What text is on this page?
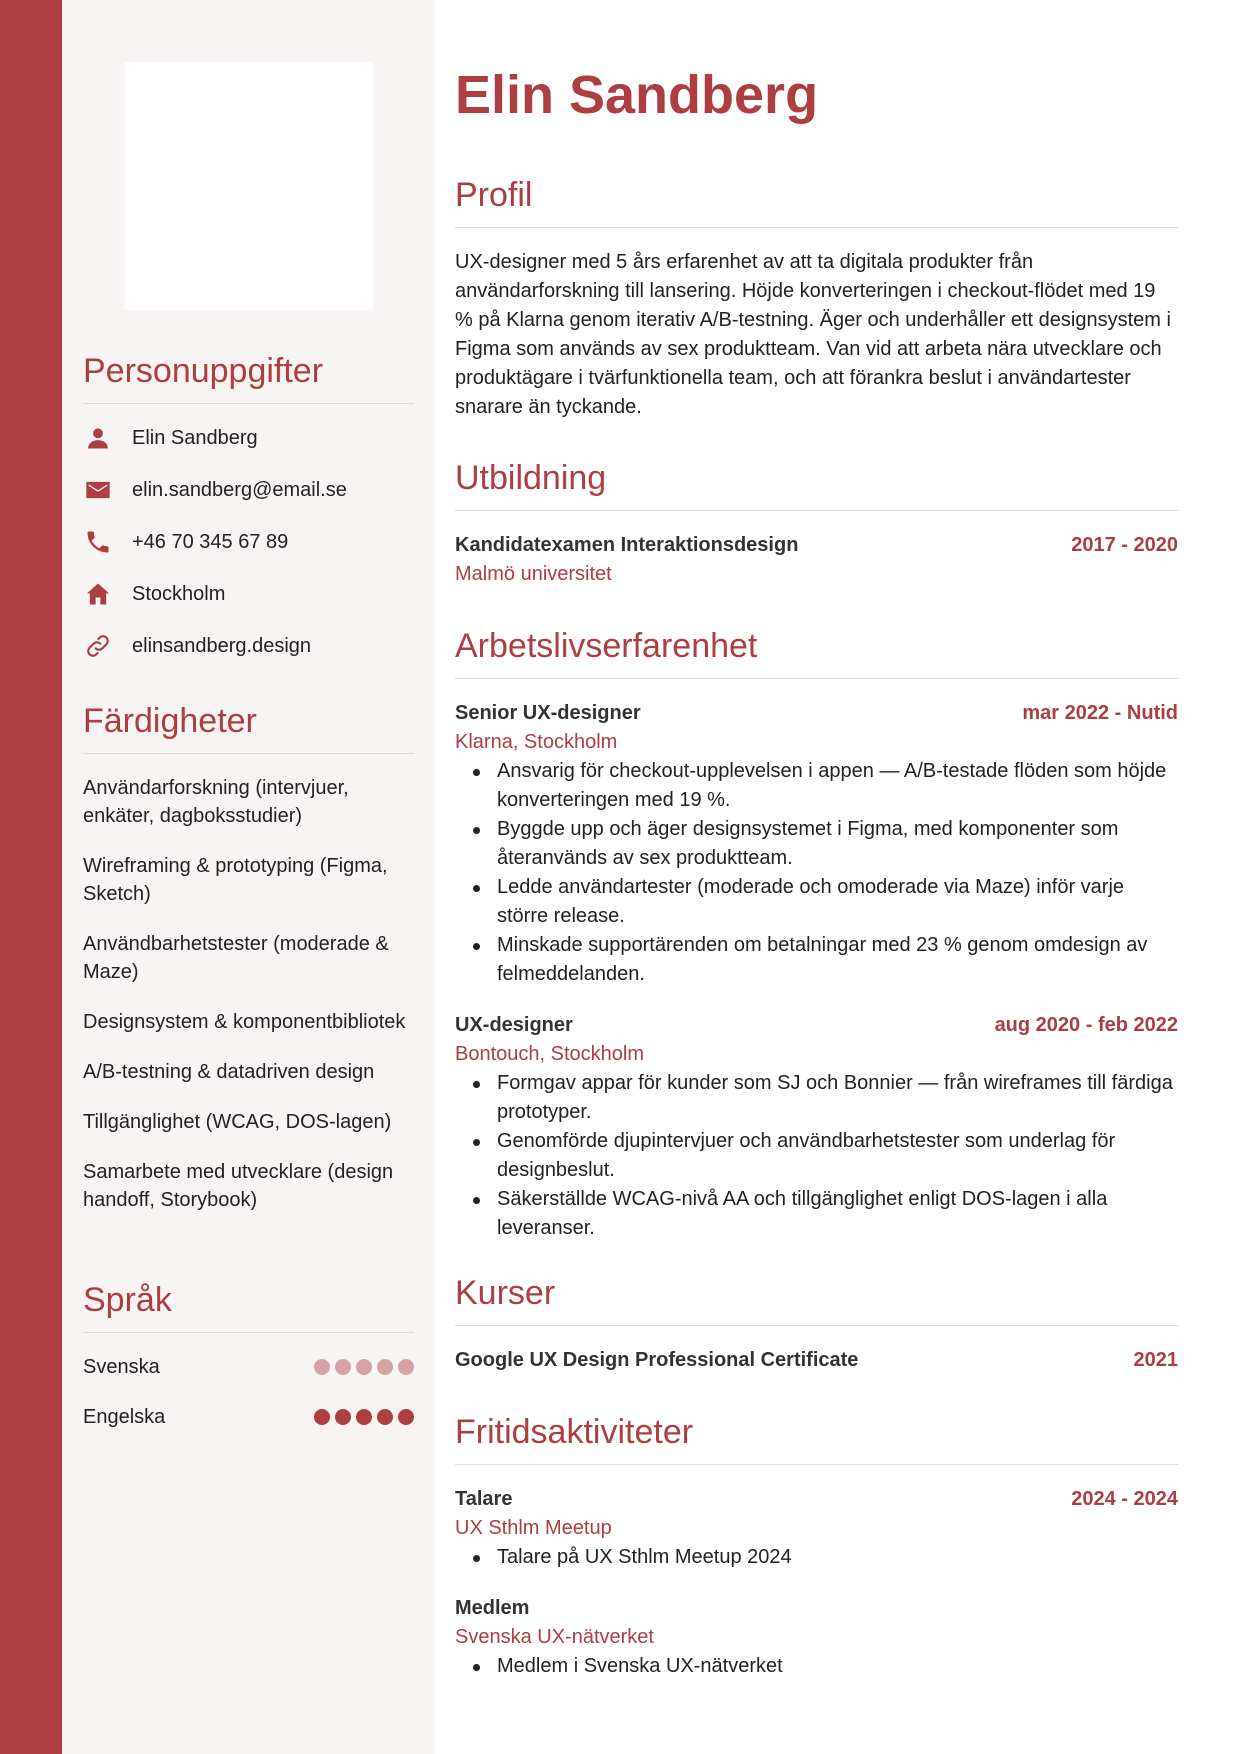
Personuppgifter
Elin Sandberg
elin.sandberg@email.se
+46 70 345 67 89
Stockholm
elinsandberg.design
Färdigheter
Användarforskning (intervjuer, enkäter, dagboksstudier)
Wireframing & prototyping (Figma, Sketch)
Användbarhetstester (moderade & Maze)
Designsystem & komponentbibliotek
A/B-testning & datadriven design
Tillgänglighet (WCAG, DOS-lagen)
Samarbete med utvecklare (design handoff, Storybook)
Språk
Svenska
Engelska
Elin Sandberg
Profil

UX-designer med 5 års erfarenhet av att ta digitala produkter från användarforskning till lansering. Höjde konverteringen i checkout-flödet med 19 % på Klarna genom iterativ A/B-testning. Äger och underhåller ett designsystem i Figma som används av sex produktteam. Van vid att arbeta nära utvecklare och produktägare i tvärfunktionella team, och att förankra beslut i användartester snarare än tyckande.

Utbildning
Kandidatexamen Interaktionsdesign	2017 - 2020
Malmö universitet
Arbetslivserfarenhet
Senior UX-designer	mar 2022 - Nutid
Klarna, Stockholm
Ansvarig för checkout-upplevelsen i appen — A/B-testade flöden som höjde konverteringen med 19 %.
Byggde upp och äger designsystemet i Figma, med komponenter som återanvänds av sex produktteam.
Ledde användartester (moderade och omoderade via Maze) inför varje större release.
Minskade supportärenden om betalningar med 23 % genom omdesign av felmeddelanden.
UX-designer	aug 2020 - feb 2022
Bontouch, Stockholm
Formgav appar för kunder som SJ och Bonnier — från wireframes till färdiga prototyper.
Genomförde djupintervjuer och användbarhetstester som underlag för designbeslut.
Säkerställde WCAG-nivå AA och tillgänglighet enligt DOS-lagen i alla leveranser.
Kurser
Google UX Design Professional Certificate	2021
Fritidsaktiviteter
Talare	2024 - 2024
UX Sthlm Meetup
Talare på UX Sthlm Meetup 2024
Medlem
Svenska UX-nätverket
Medlem i Svenska UX-nätverket
